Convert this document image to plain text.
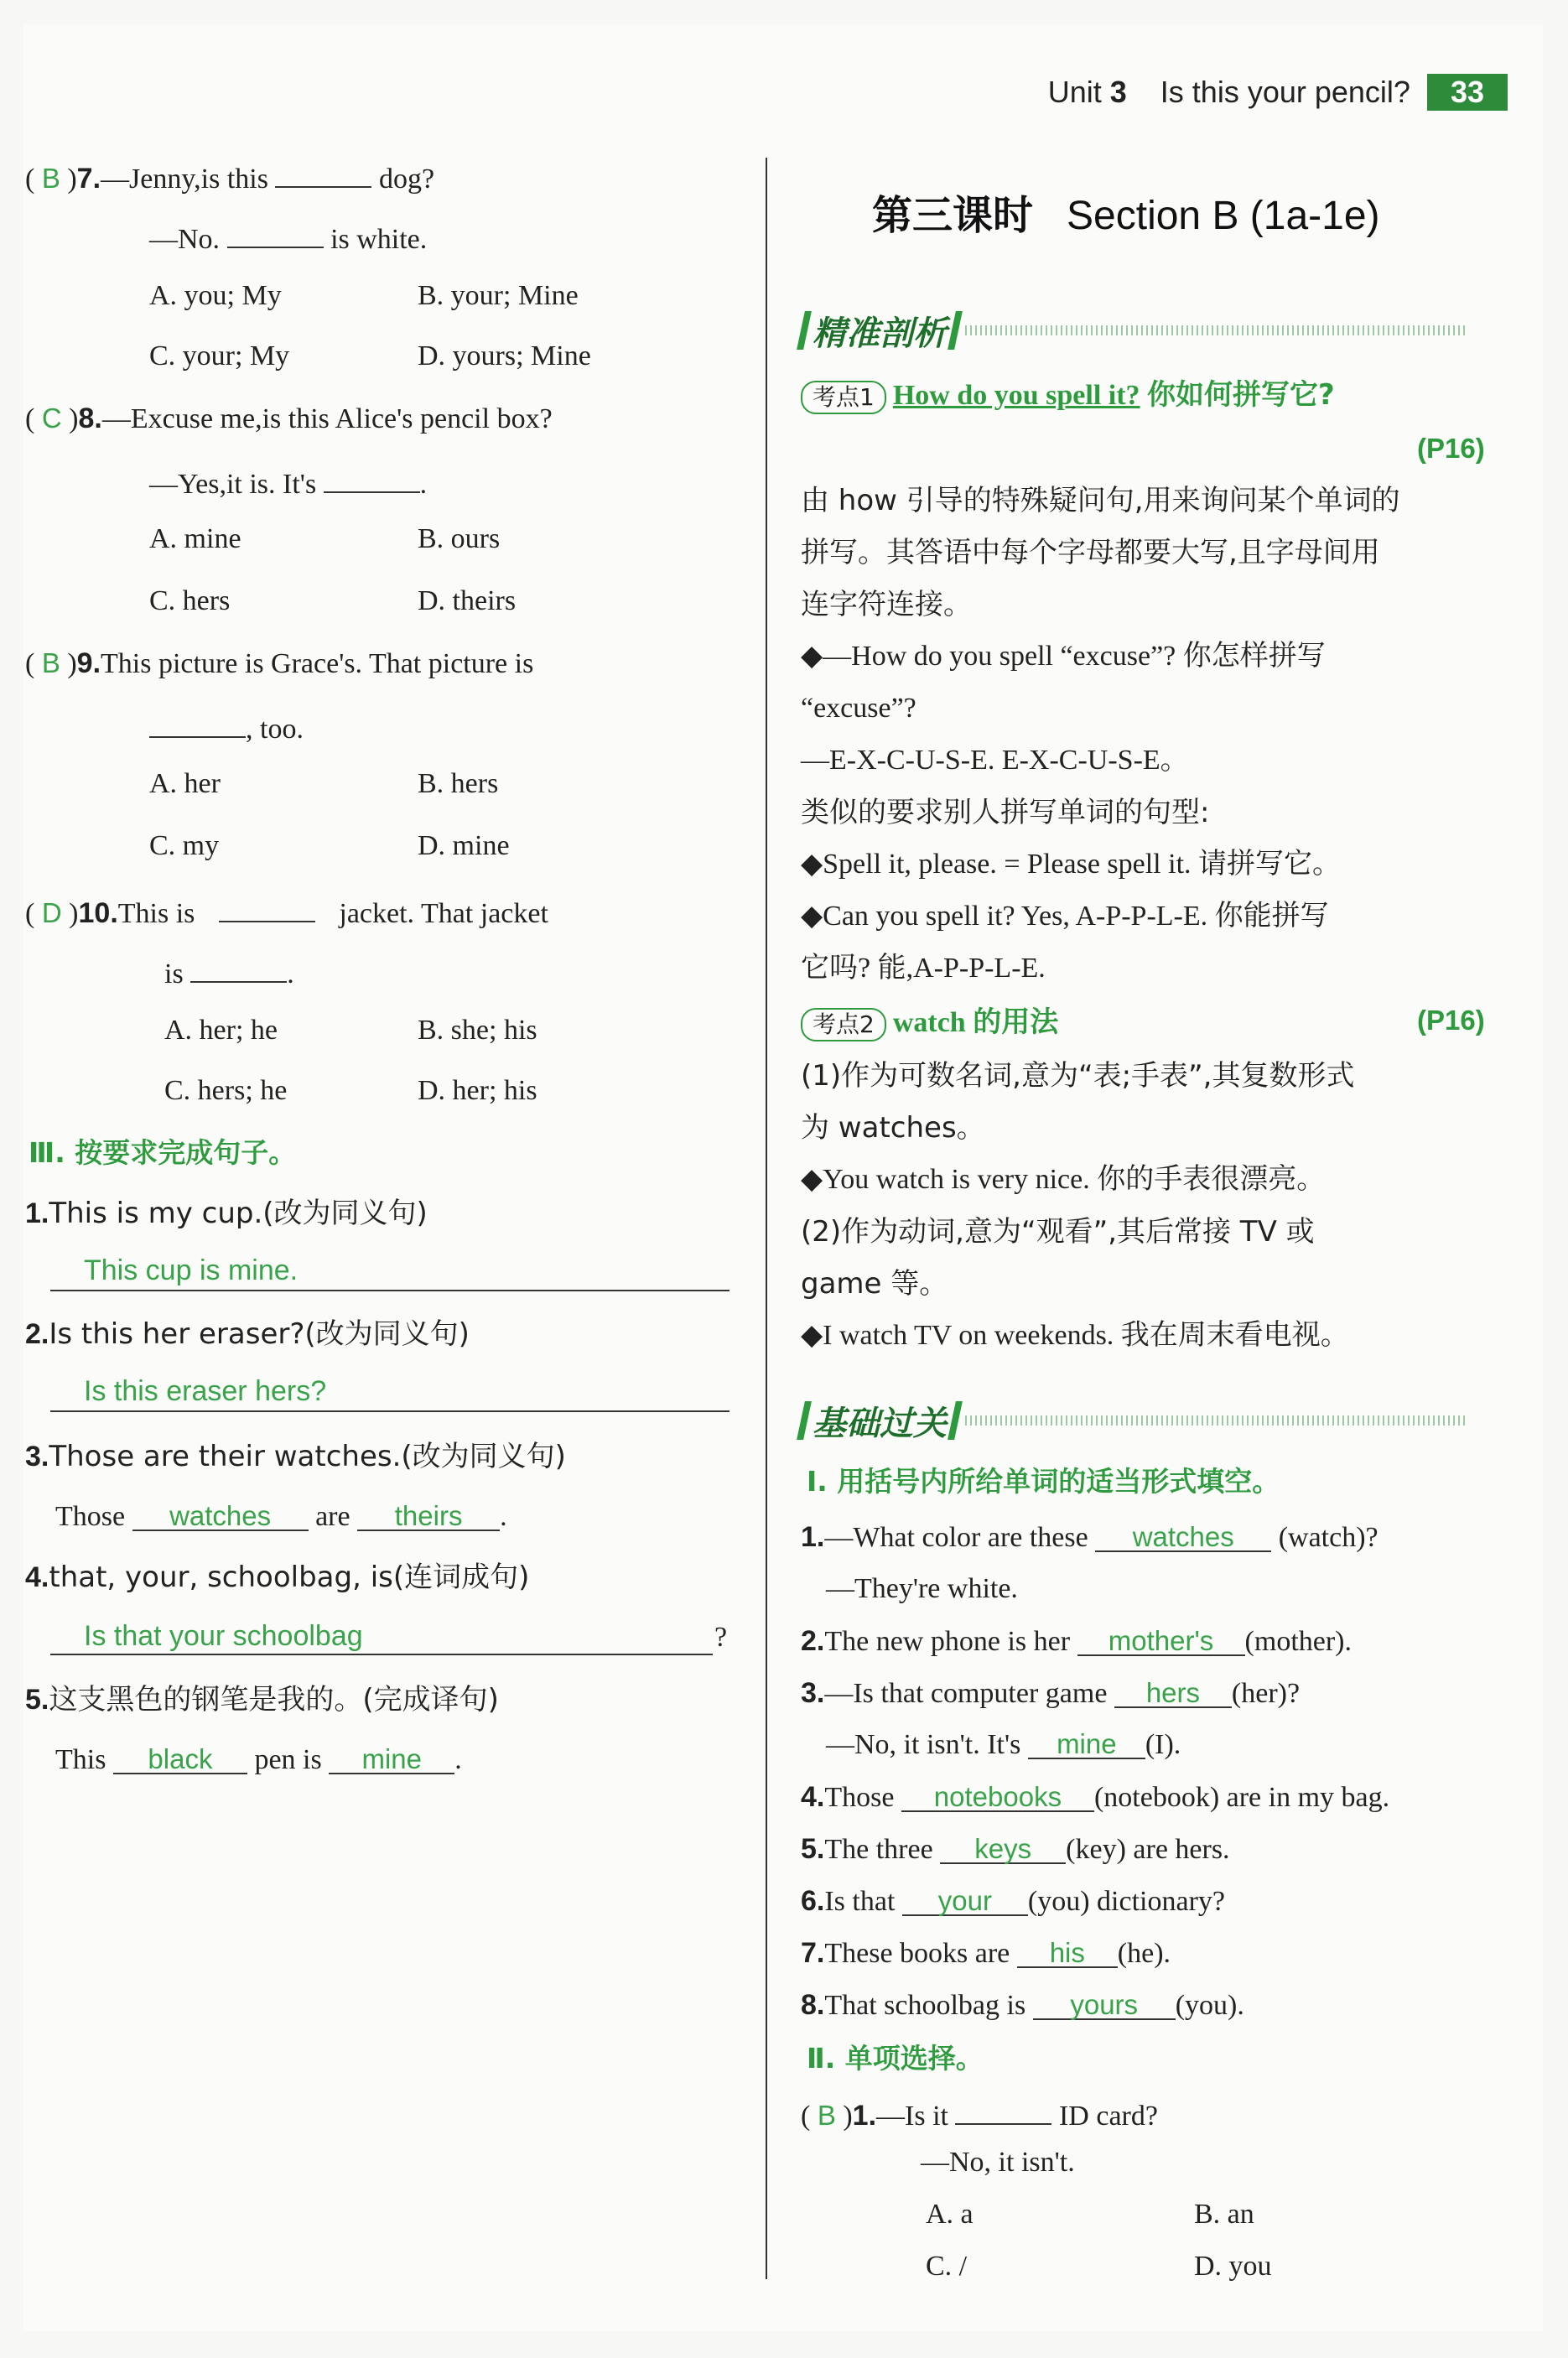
Unit 3 Is this your pencil?	33
( B )7.—Jenny,is this	dog?
—No.	is white.
A. you; My	B. your; Mine
C. your; My	D. yours; Mine
( C )8.—Excuse me,is this Alice's pencil box?
—Yes,it is. It's	.
A. mine	B. ours
C. hers	D. theirs
( B )9.This picture is Grace's. That picture is
, too.
A. her	B. hers
C. my	D. mine
( D )10.This is	jacket. That jacket
is	.
A. her; he	B. she; his
C. hers; he	D. her; his
Ⅲ. 按要求完成句子。
1.This is my cup.(改为同义句)
This cup is mine.
2.Is this her eraser?(改为同义句)
Is this eraser hers?
3.Those are their watches.(改为同义句)
Those watches are theirs .
4.that, your, schoolbag, is(连词成句)
Is that your schoolbag	?
5.这支黑色的钢笔是我的。(完成译句)
This black pen is mine .
第三课时 Section B (1a-1e)
精准剖析
考点1 How do you spell it? 你如何拼写它?
(P16)
由 how 引导的特殊疑问句,用来询问某个单词的
拼写。其答语中每个字母都要大写,且字母间用
连字符连接。
◆—How do you spell “excuse”? 你怎样拼写
“excuse”?
—E-X-C-U-S-E. E-X-C-U-S-E。
类似的要求别人拼写单词的句型:
◆Spell it, please. = Please spell it. 请拼写它。
◆Can you spell it? Yes, A-P-P-L-E. 你能拼写
它吗? 能,A-P-P-L-E.
考点2 watch 的用法	(P16)
(1)作为可数名词,意为“表;手表”,其复数形式
为 watches。
◆You watch is very nice. 你的手表很漂亮。
(2)作为动词,意为“观看”,其后常接 TV 或
game 等。
◆I watch TV on weekends. 我在周末看电视。
基础过关
Ⅰ. 用括号内所给单词的适当形式填空。
1.—What color are these watches (watch)?
—They're white.
2.The new phone is her mother's (mother).
3.—Is that computer game hers (her)?
—No, it isn't. It's mine (I).
4.Those notebooks (notebook) are in my bag.
5.The three keys (key) are hers.
6.Is that your (you) dictionary?
7.These books are his (he).
8.That schoolbag is yours (you).
Ⅱ. 单项选择。
( B )1.—Is it	ID card?
—No, it isn't.
A. a	B. an
C. /	D. you
